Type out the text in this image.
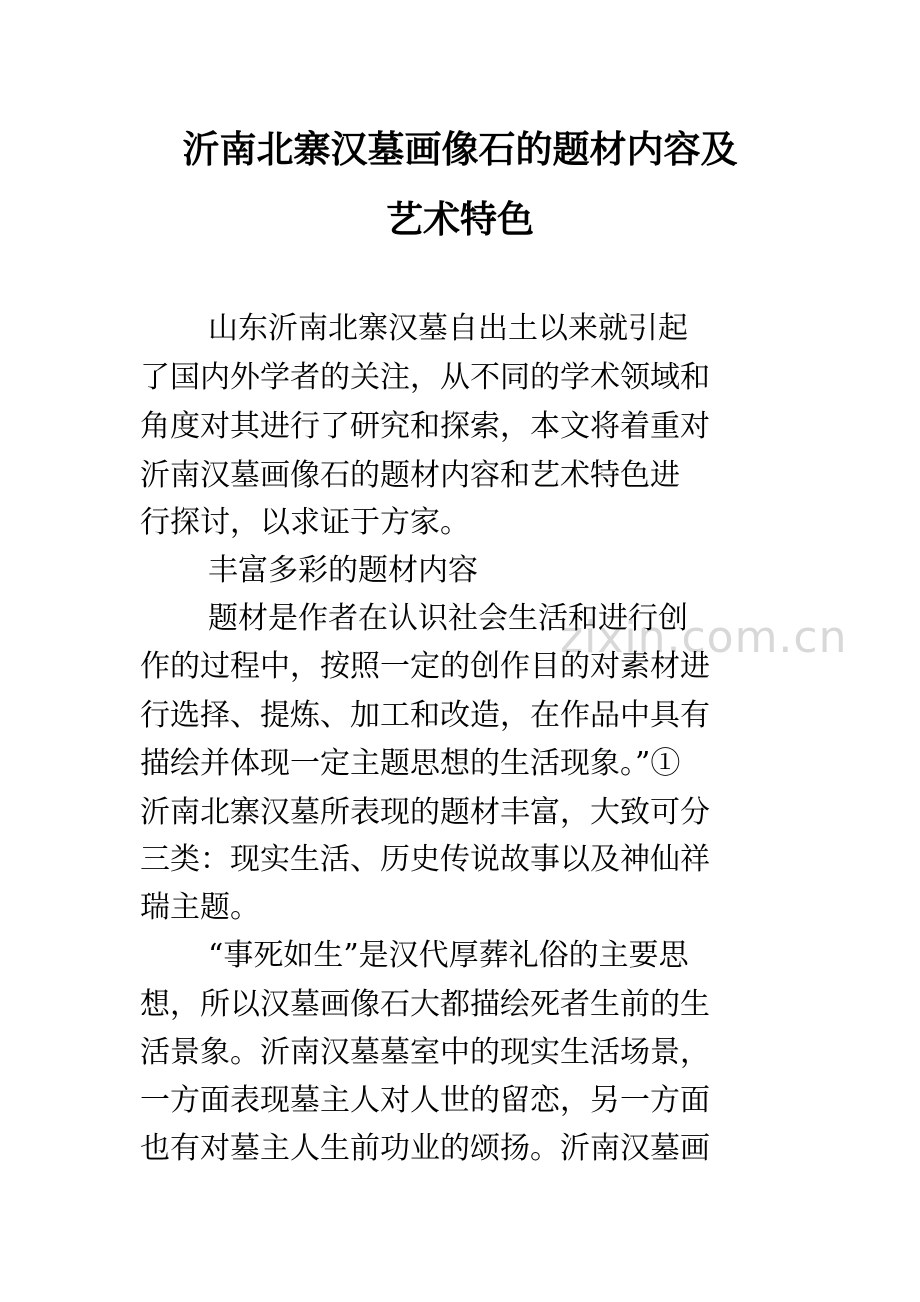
沂南北寨汉墓画像石的题材内容及
艺术特色
zixin.com.cn
山东沂南北寨汉墓自出土以来就引起
了国内外学者的关注，从不同的学术领域和
角度对其进行了研究和探索，本文将着重对
沂南汉墓画像石的题材内容和艺术特色进
行探讨，以求证于方家。
丰富多彩的题材内容
题材是作者在认识社会生活和进行创
作的过程中，按照一定的创作目的对素材进
行选择、提炼、加工和改造，在作品中具有
描绘并体现一定主题思想的生活现象。”①
沂南北寨汉墓所表现的题材丰富，大致可分
三类：现实生活、历史传说故事以及神仙祥
瑞主题。
“事死如生”是汉代厚葬礼俗的主要思
想，所以汉墓画像石大都描绘死者生前的生
活景象。沂南汉墓墓室中的现实生活场景，
一方面表现墓主人对人世的留恋，另一方面
也有对墓主人生前功业的颂扬。沂南汉墓画
